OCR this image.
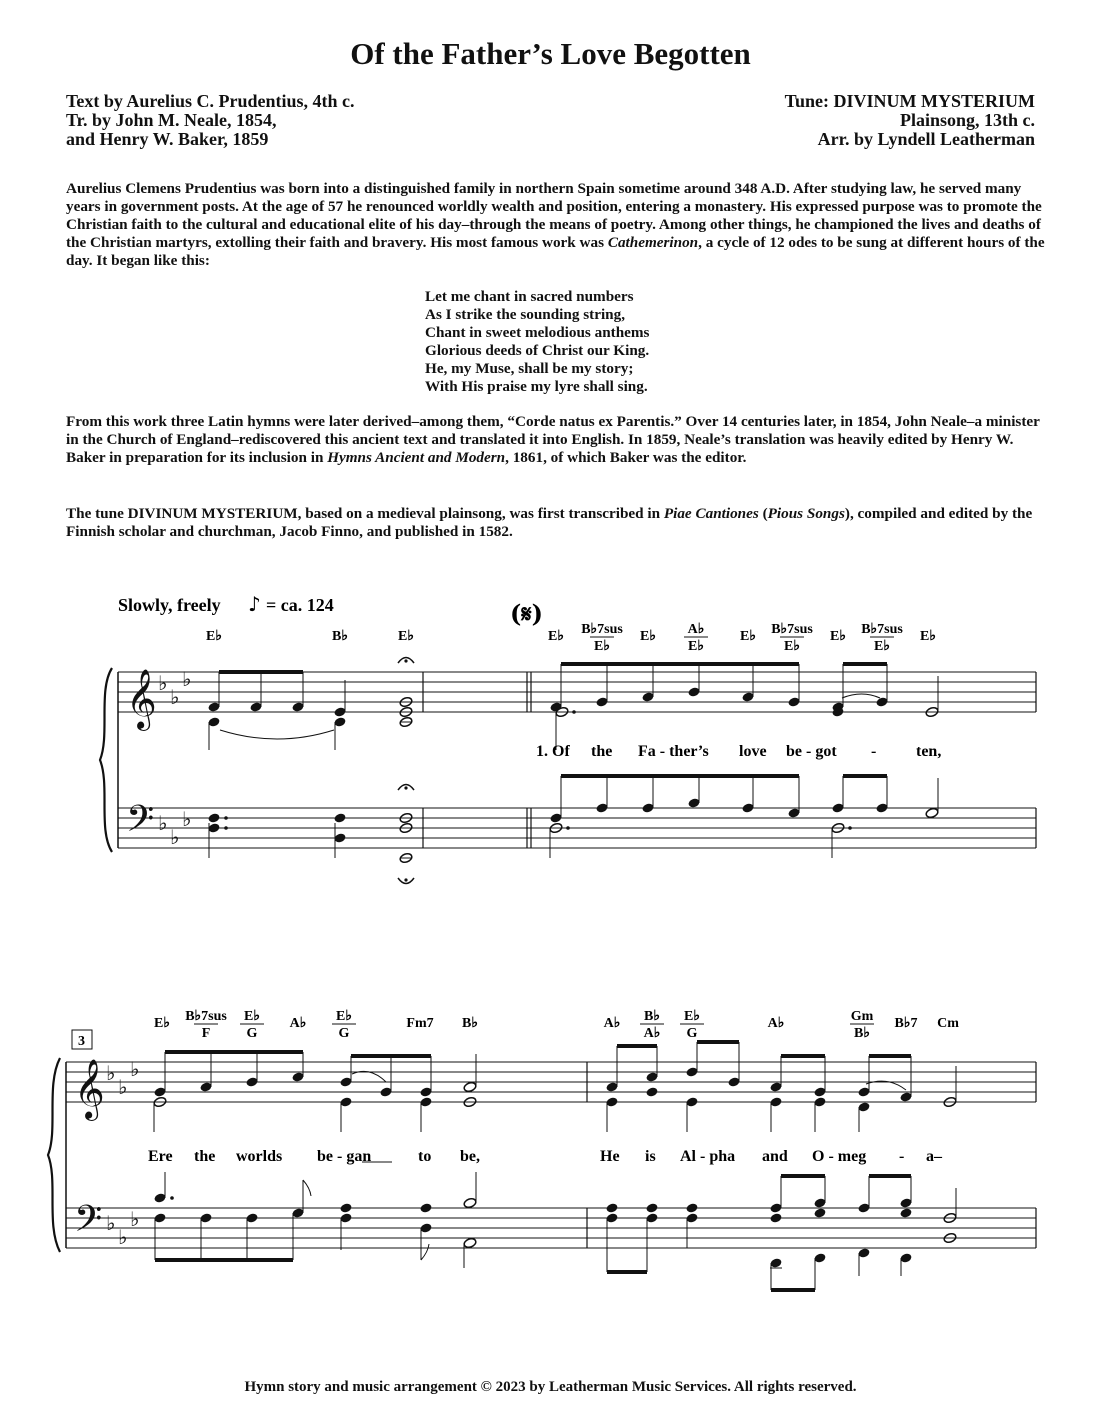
Of the Father’s Love Begotten
Text by Aurelius C. Prudentius, 4th c.
Tr. by John M. Neale, 1854,
and Henry W. Baker, 1859
Tune: DIVINUM MYSTERIUM
Plainsong, 13th c.
Arr. by Lyndell Leatherman
Aurelius Clemens Prudentius was born into a distinguished family in northern Spain sometime around 348 A.D. After studying law, he served many years in government posts. At the age of 57 he renounced worldly wealth and position, entering a monastery. His expressed purpose was to promote the Christian faith to the cultural and educational elite of his day–through the means of poetry. Among other things, he championed the lives and deaths of the Christian martyrs, extolling their faith and bravery. His most famous work was Cathemerinon, a cycle of 12 odes to be sung at different hours of the day. It began like this:
Let me chant in sacred numbers
As I strike the sounding string,
Chant in sweet melodious anthems
Glorious deeds of Christ our King.
He, my Muse, shall be my story;
With His praise my lyre shall sing.
From this work three Latin hymns were later derived–among them, “Corde natus ex Parentis.” Over 14 centuries later, in 1854, John Neale–a minister in the Church of England–rediscovered this ancient text and translated it into English. In 1859, Neale’s translation was heavily edited by Henry W. Baker in preparation for its inclusion in Hymns Ancient and Modern, 1861, of which Baker was the editor.
The tune DIVINUM MYSTERIUM, based on a medieval plainsong, was first transcribed in Piae Cantiones (Pious Songs), compiled and edited by the Finnish scholar and churchman, Jacob Finno, and published in 1582.
𝄞
𝄢
𝄞
𝄢
♭
♭
♭
♭
♭
♭
♭
♭
♭
♭
♭
♭
Slowly, freely ♪ = ca. 124	(𝄋)
3
E♭	B♭	E♭	E♭ B♭7sus
E♭
E♭ A♭
E♭
E♭ B♭7sus
E♭
E♭ B♭7sus
E♭
E♭
1. Of the Fa - ther’s love be - got - ten,
E♭ B♭7sus
F
E♭
G
A♭ E♭
G
Fm7 B♭	A♭ B♭
A♭
E♭
G
A♭	Gm
B♭
B♭7 Cm
Ere the worlds be - gan	to be,	He is Al - pha and O - meg - a–
Hymn story and music arrangement © 2023 by Leatherman Music Services. All rights reserved.
